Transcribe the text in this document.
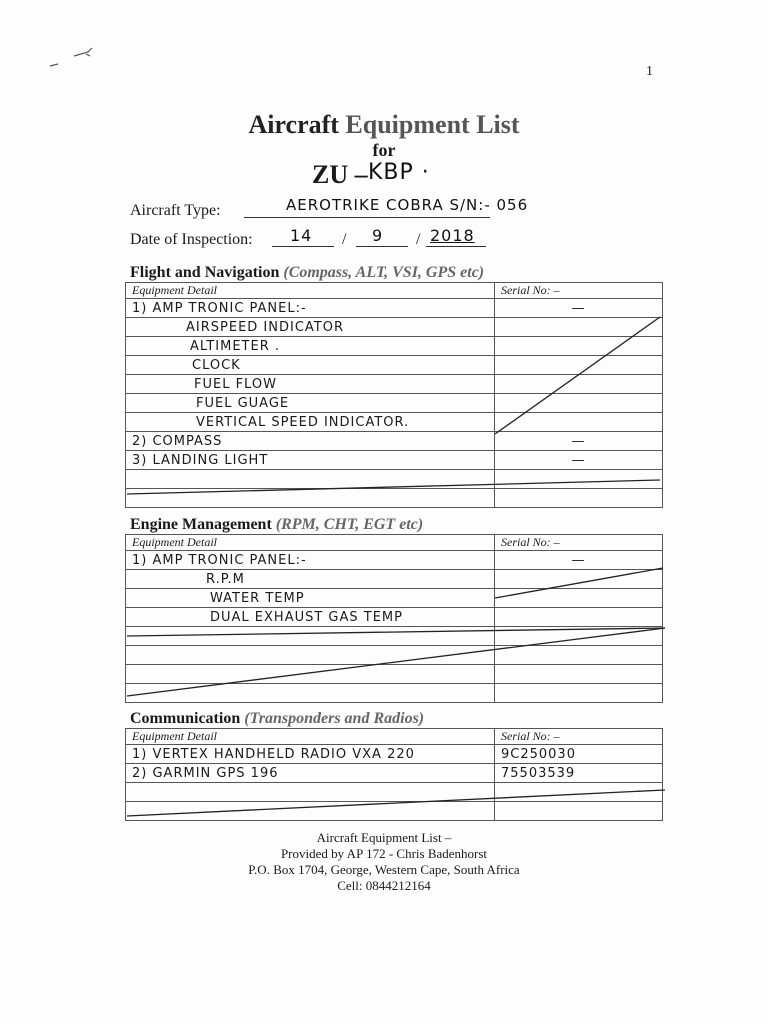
1
Aircraft Equipment List
for
ZU – KBP ·
Aircraft Type:	AEROTRIKE COBRA S/N:- 056
Date of Inspection: 14 / 9 / 2018
Flight and Navigation (Compass, ALT, VSI, GPS etc)
Equipment Detail	Serial No: –
1) AMP TRONIC PANEL:-	—
AIRSPEED INDICATOR	
ALTIMETER .	
CLOCK	
FUEL FLOW	
FUEL GUAGE	
VERTICAL SPEED INDICATOR.	
2) COMPASS	—
3) LANDING LIGHT	—

Engine Management (RPM, CHT, EGT etc)
Equipment Detail	Serial No: –
1) AMP TRONIC PANEL:-	—
R.P.M	
WATER TEMP	
DUAL EXHAUST GAS TEMP	

Communication (Transponders and Radios)
Equipment Detail	Serial No: –
1) VERTEX HANDHELD RADIO VXA 220	9C250030
2) GARMIN GPS 196	75503539

Aircraft Equipment List –
Provided by AP 172 - Chris Badenhorst
P.O. Box 1704, George, Western Cape, South Africa
Cell: 0844212164
